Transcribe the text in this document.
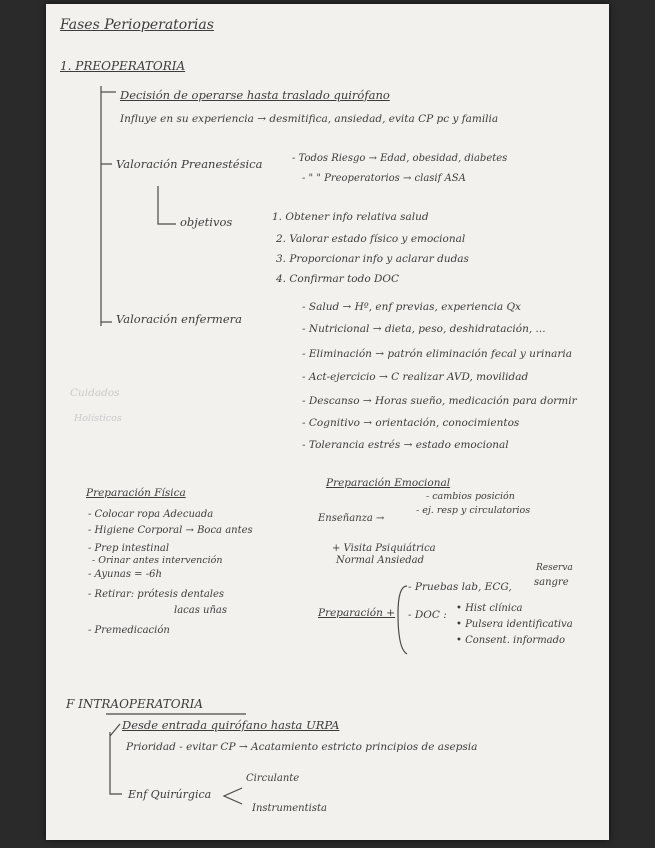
Fases Perioperatorias
1. PREOPERATORIA
Decisión de operarse hasta traslado quirófano
Influye en su experiencia → desmitifica, ansiedad, evita CP pc y familia
Valoración Preanestésica	- Todos Riesgo → Edad, obesidad, diabetes
- " " Preoperatorios → clasif ASA
objetivos	1. Obtener info relativa salud
2. Valorar estado físico y emocional
3. Proporcionar info y aclarar dudas
4. Confirmar todo DOC
Valoración enfermera
- Salud → Hº, enf previas, experiencia Qx
- Nutricional → dieta, peso, deshidratación, ...
- Eliminación → patrón eliminación fecal y urinaria
- Act-ejercicio → C realizar AVD, movilidad
- Descanso → Horas sueño, medicación para dormir
- Cognitivo → orientación, conocimientos
- Tolerancia estrés → estado emocional
Cuidados
Holísticos
Preparación Física
- Colocar ropa Adecuada
- Higiene Corporal → Boca antes
- Prep intestinal
- Orinar antes intervención
- Ayunas = -6h
- Retirar: prótesis dentales
lacas uñas
- Premedicación
Preparación Emocional
Enseñanza →
- cambios posición
- ej. resp y circulatorios
+ Visita Psiquiátrica
Normal Ansiedad
Preparación +
- Pruebas lab, ECG,
Reserva
sangre
- DOC :
• Hist clínica
• Pulsera identificativa
• Consent. informado
F INTRAOPERATORIA
Desde entrada quirófano hasta URPA
Prioridad - evitar CP → Acatamiento estricto principios de asepsia
Enf Quirúrgica
Circulante
Instrumentista
